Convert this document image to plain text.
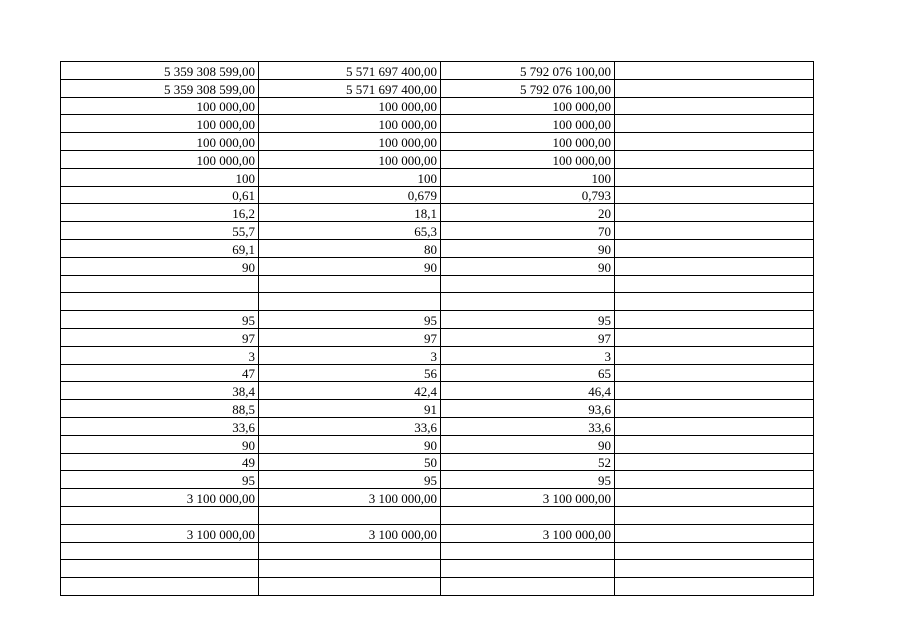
5 359 308 599,00	5 571 697 400,00	5 792 076 100,00	
5 359 308 599,00	5 571 697 400,00	5 792 076 100,00	
100 000,00	100 000,00	100 000,00	
100 000,00	100 000,00	100 000,00	
100 000,00	100 000,00	100 000,00	
100 000,00	100 000,00	100 000,00	
100	100	100	
0,61	0,679	0,793	
16,2	18,1	20	
55,7	65,3	70	
69,1	80	90	
90	90	90	

95	95	95	
97	97	97	
3	3	3	
47	56	65	
38,4	42,4	46,4	
88,5	91	93,6	
33,6	33,6	33,6	
90	90	90	
49	50	52	
95	95	95	
3 100 000,00	3 100 000,00	3 100 000,00	

3 100 000,00	3 100 000,00	3 100 000,00	
